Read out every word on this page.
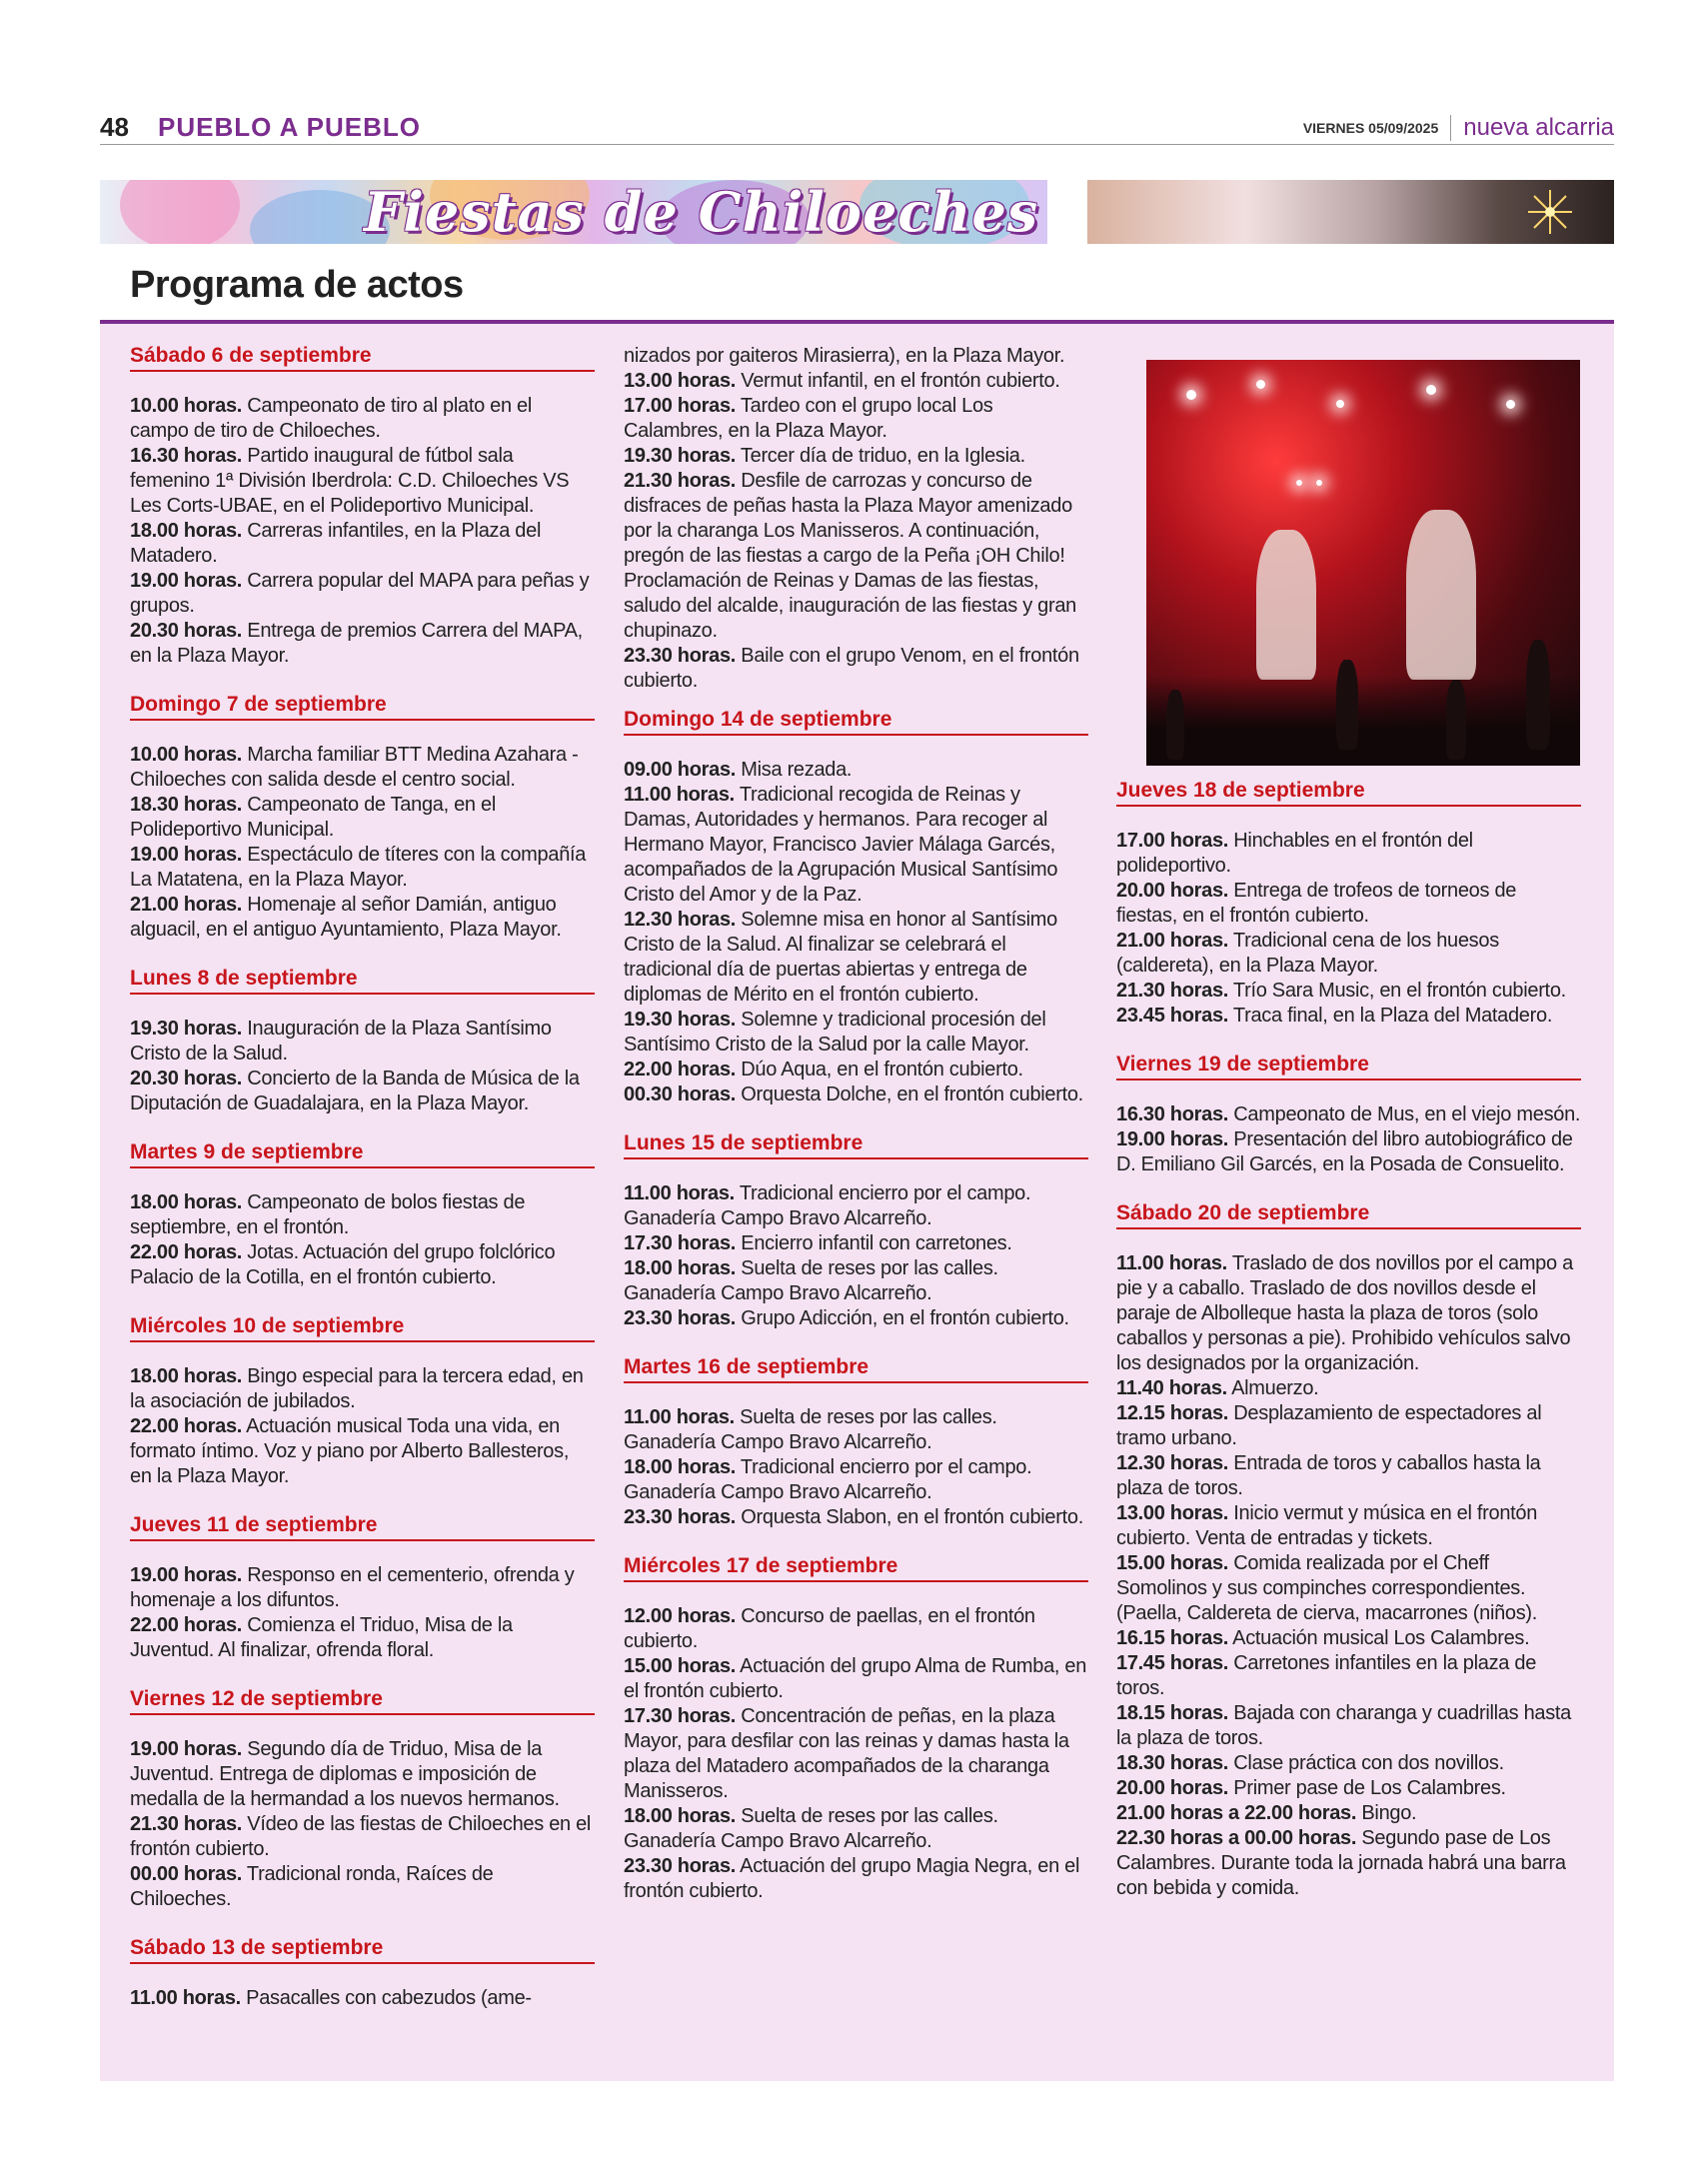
48 PUEBLO A PUEBLO	VIERNES 05/09/2025 nueva alcarria
Fiestas de Chiloeches
Programa de actos
Sábado 6 de septiembre
10.00 horas. Campeonato de tiro al plato en el campo de tiro de Chiloeches.
16.30 horas. Partido inaugural de fútbol sala femenino 1ª División Iberdrola: C.D. Chiloeches VS Les Corts-UBAE, en el Polideportivo Municipal.
18.00 horas. Carreras infantiles, en la Plaza del Matadero.
19.00 horas. Carrera popular del MAPA para peñas y grupos.
20.30 horas. Entrega de premios Carrera del MAPA, en la Plaza Mayor.
Domingo 7 de septiembre
10.00 horas. Marcha familiar BTT Medina Azahara - Chiloeches con salida desde el centro social.
18.30 horas. Campeonato de Tanga, en el Polideportivo Municipal.
19.00 horas. Espectáculo de títeres con la compañía La Matatena, en la Plaza Mayor.
21.00 horas. Homenaje al señor Damián, antiguo alguacil, en el antiguo Ayuntamiento, Plaza Mayor.
Lunes 8 de septiembre
19.30 horas. Inauguración de la Plaza Santísimo Cristo de la Salud.
20.30 horas. Concierto de la Banda de Música de la Diputación de Guadalajara, en la Plaza Mayor.
Martes 9 de septiembre
18.00 horas. Campeonato de bolos fiestas de septiembre, en el frontón.
22.00 horas. Jotas. Actuación del grupo folclórico Palacio de la Cotilla, en el frontón cubierto.
Miércoles 10 de septiembre
18.00 horas. Bingo especial para la tercera edad, en la asociación de jubilados.
22.00 horas. Actuación musical Toda una vida, en formato íntimo. Voz y piano por Alberto Ballesteros, en la Plaza Mayor.
Jueves 11 de septiembre
19.00 horas. Responso en el cementerio, ofrenda y homenaje a los difuntos.
22.00 horas. Comienza el Triduo, Misa de la Juventud. Al finalizar, ofrenda floral.
Viernes 12 de septiembre
19.00 horas. Segundo día de Triduo, Misa de la Juventud. Entrega de diplomas e imposición de medalla de la hermandad a los nuevos hermanos.
21.30 horas. Vídeo de las fiestas de Chiloeches en el frontón cubierto.
00.00 horas. Tradicional ronda, Raíces de Chiloeches.
Sábado 13 de septiembre
11.00 horas. Pasacalles con cabezudos (ame-
nizados por gaiteros Mirasierra), en la Plaza Mayor.
13.00 horas. Vermut infantil, en el frontón cubierto.
17.00 horas. Tardeo con el grupo local Los Calambres, en la Plaza Mayor.
19.30 horas. Tercer día de triduo, en la Iglesia.
21.30 horas. Desfile de carrozas y concurso de disfraces de peñas hasta la Plaza Mayor amenizado por la charanga Los Manisseros. A continuación, pregón de las fiestas a cargo de la Peña ¡OH Chilo! Proclamación de Reinas y Damas de las fiestas, saludo del alcalde, inauguración de las fiestas y gran chupinazo.
23.30 horas. Baile con el grupo Venom, en el frontón cubierto.
Domingo 14 de septiembre
09.00 horas. Misa rezada.
11.00 horas. Tradicional recogida de Reinas y Damas, Autoridades y hermanos. Para recoger al Hermano Mayor, Francisco Javier Málaga Garcés, acompañados de la Agrupación Musical Santísimo Cristo del Amor y de la Paz.
12.30 horas. Solemne misa en honor al Santísimo Cristo de la Salud. Al finalizar se celebrará el tradicional día de puertas abiertas y entrega de diplomas de Mérito en el frontón cubierto.
19.30 horas. Solemne y tradicional procesión del Santísimo Cristo de la Salud por la calle Mayor.
22.00 horas. Dúo Aqua, en el frontón cubierto.
00.30 horas. Orquesta Dolche, en el frontón cubierto.
Lunes 15 de septiembre
11.00 horas. Tradicional encierro por el campo. Ganadería Campo Bravo Alcarreño.
17.30 horas. Encierro infantil con carretones.
18.00 horas. Suelta de reses por las calles. Ganadería Campo Bravo Alcarreño.
23.30 horas. Grupo Adicción, en el frontón cubierto.
Martes 16 de septiembre
11.00 horas. Suelta de reses por las calles. Ganadería Campo Bravo Alcarreño.
18.00 horas. Tradicional encierro por el campo. Ganadería Campo Bravo Alcarreño.
23.30 horas. Orquesta Slabon, en el frontón cubierto.
Miércoles 17 de septiembre
12.00 horas. Concurso de paellas, en el frontón cubierto.
15.00 horas. Actuación del grupo Alma de Rumba, en el frontón cubierto.
17.30 horas. Concentración de peñas, en la plaza Mayor, para desfilar con las reinas y damas hasta la plaza del Matadero acompañados de la charanga Manisseros.
18.00 horas. Suelta de reses por las calles. Ganadería Campo Bravo Alcarreño.
23.30 horas. Actuación del grupo Magia Negra, en el frontón cubierto.
Jueves 18 de septiembre
17.00 horas. Hinchables en el frontón del polideportivo.
20.00 horas. Entrega de trofeos de torneos de fiestas, en el frontón cubierto.
21.00 horas. Tradicional cena de los huesos (caldereta), en la Plaza Mayor.
21.30 horas. Trío Sara Music, en el frontón cubierto.
23.45 horas. Traca final, en la Plaza del Matadero.
Viernes 19 de septiembre
16.30 horas. Campeonato de Mus, en el viejo mesón.
19.00 horas. Presentación del libro autobiográfico de D. Emiliano Gil Garcés, en la Posada de Consuelito.
Sábado 20 de septiembre
11.00 horas. Traslado de dos novillos por el campo a pie y a caballo. Traslado de dos novillos desde el paraje de Albolleque hasta la plaza de toros (solo caballos y personas a pie). Prohibido vehículos salvo los designados por la organización.
11.40 horas. Almuerzo.
12.15 horas. Desplazamiento de espectadores al tramo urbano.
12.30 horas. Entrada de toros y caballos hasta la plaza de toros.
13.00 horas. Inicio vermut y música en el frontón cubierto. Venta de entradas y tickets.
15.00 horas. Comida realizada por el Cheff Somolinos y sus compinches correspondientes. (Paella, Caldereta de cierva, macarrones (niños).
16.15 horas. Actuación musical Los Calambres.
17.45 horas. Carretones infantiles en la plaza de toros.
18.15 horas. Bajada con charanga y cuadrillas hasta la plaza de toros.
18.30 horas. Clase práctica con dos novillos.
20.00 horas. Primer pase de Los Calambres.
21.00 horas a 22.00 horas. Bingo.
22.30 horas a 00.00 horas. Segundo pase de Los Calambres. Durante toda la jornada habrá una barra con bebida y comida.
